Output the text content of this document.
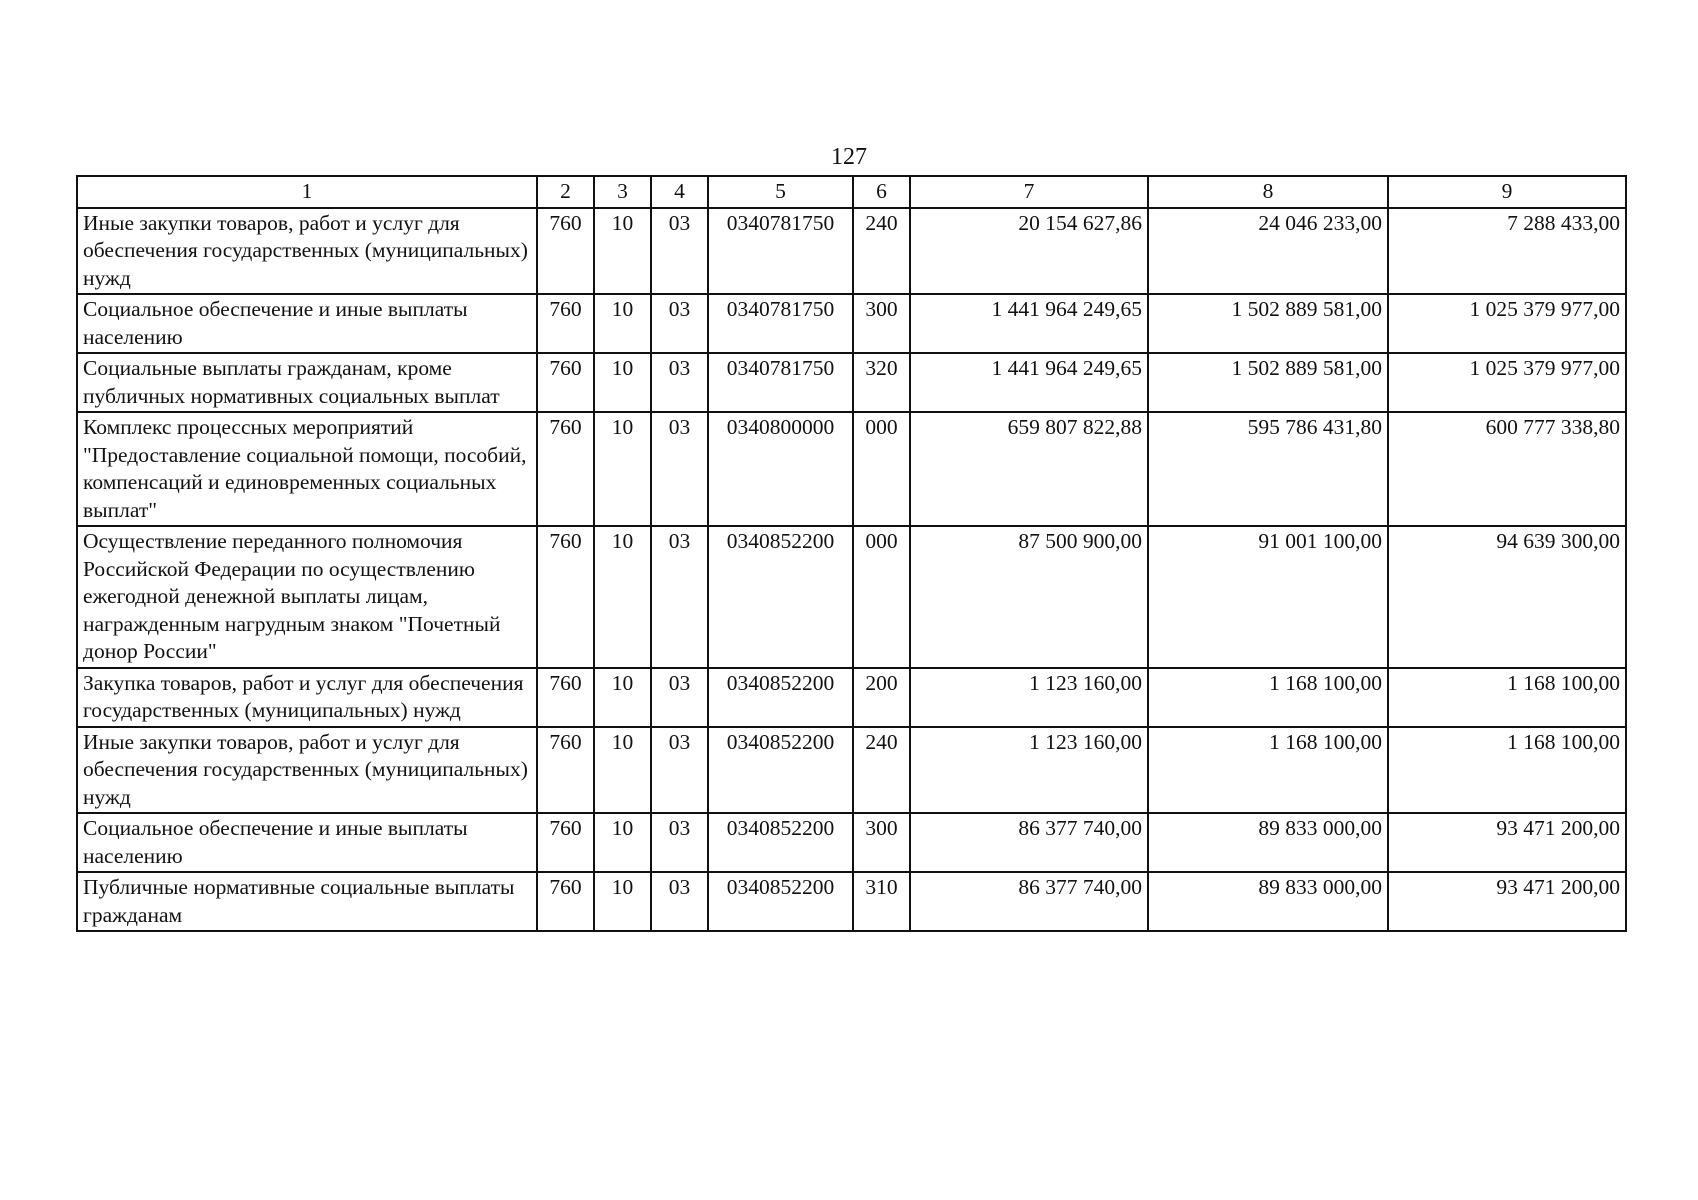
127
1	2	3	4	5	6	7	8	9
Иные закупки товаров, работ и услуг для обеспечения государственных (муниципальных) нужд	760	10	03	0340781750	240	20 154 627,86	24 046 233,00	7 288 433,00
Социальное обеспечение и иные выплаты населению	760	10	03	0340781750	300	1 441 964 249,65	1 502 889 581,00	1 025 379 977,00
Социальные выплаты гражданам, кроме публичных нормативных социальных выплат	760	10	03	0340781750	320	1 441 964 249,65	1 502 889 581,00	1 025 379 977,00
Комплекс процессных мероприятий "Предоставление социальной помощи, пособий, компенсаций и единовременных социальных выплат"	760	10	03	0340800000	000	659 807 822,88	595 786 431,80	600 777 338,80
Осуществление переданного полномочия Российской Федерации по осуществлению ежегодной денежной выплаты лицам, награжденным нагрудным знаком "Почетный донор России"	760	10	03	0340852200	000	87 500 900,00	91 001 100,00	94 639 300,00
Закупка товаров, работ и услуг для обеспечения государственных (муниципальных) нужд	760	10	03	0340852200	200	1 123 160,00	1 168 100,00	1 168 100,00
Иные закупки товаров, работ и услуг для обеспечения государственных (муниципальных) нужд	760	10	03	0340852200	240	1 123 160,00	1 168 100,00	1 168 100,00
Социальное обеспечение и иные выплаты населению	760	10	03	0340852200	300	86 377 740,00	89 833 000,00	93 471 200,00
Публичные нормативные социальные выплаты гражданам	760	10	03	0340852200	310	86 377 740,00	89 833 000,00	93 471 200,00
